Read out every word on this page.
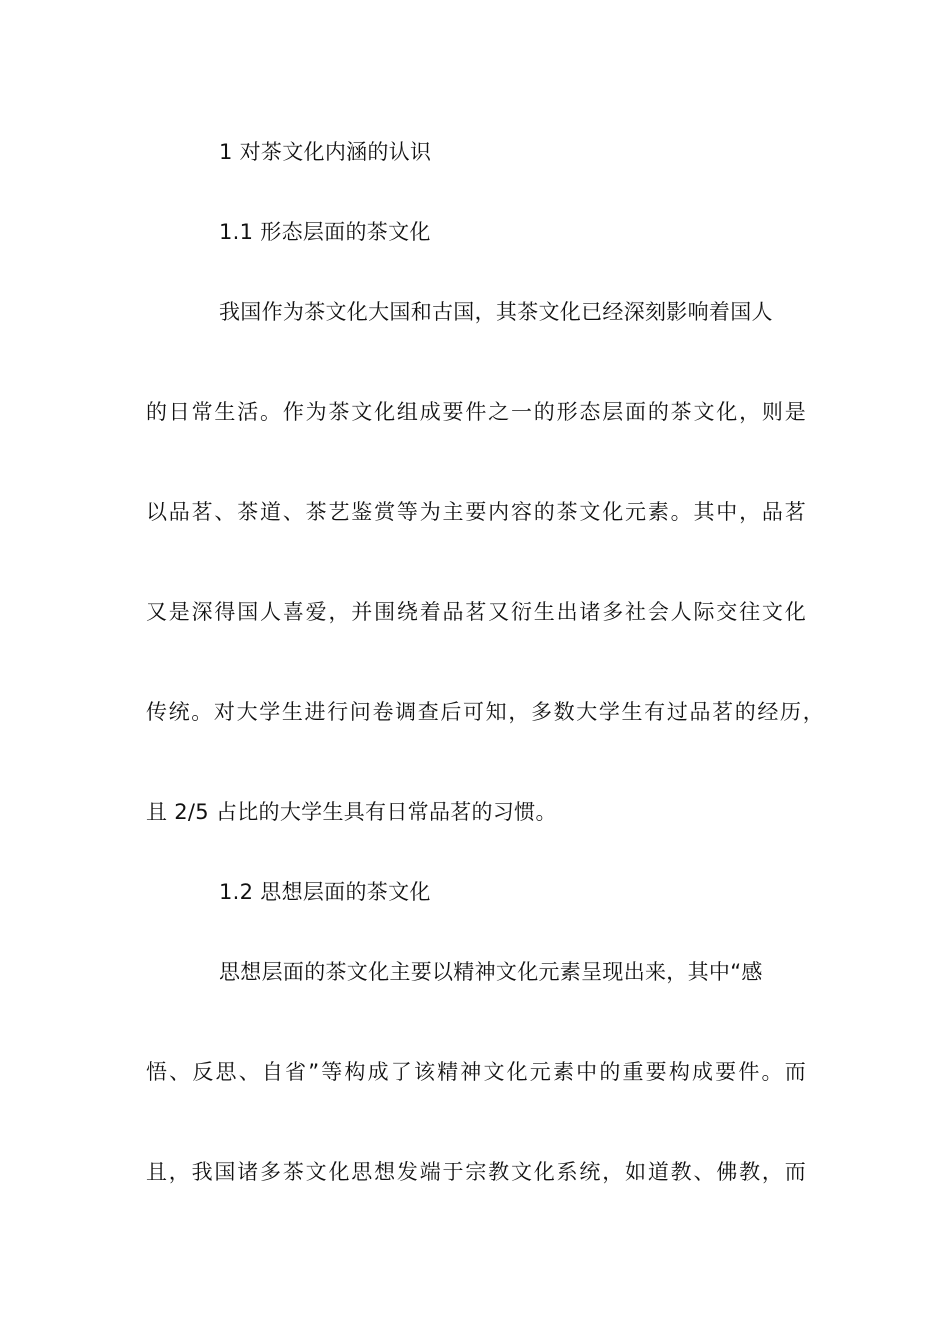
1 对茶文化内涵的认识
1.1 形态层面的茶文化
我国作为茶文化大国和古国，其茶文化已经深刻影响着国人
的日常生活。作为茶文化组成要件之一的形态层面的茶文化，则是
以品茗、茶道、茶艺鉴赏等为主要内容的茶文化元素。其中，品茗
又是深得国人喜爱，并围绕着品茗又衍生出诸多社会人际交往文化
传统。对大学生进行问卷调查后可知，多数大学生有过品茗的经历，
且 2/5 占比的大学生具有日常品茗的习惯。
1.2 思想层面的茶文化
思想层面的茶文化主要以精神文化元素呈现出来，其中“感
悟、反思、自省”等构成了该精神文化元素中的重要构成要件。而
且，我国诸多茶文化思想发端于宗教文化系统，如道教、佛教，而
